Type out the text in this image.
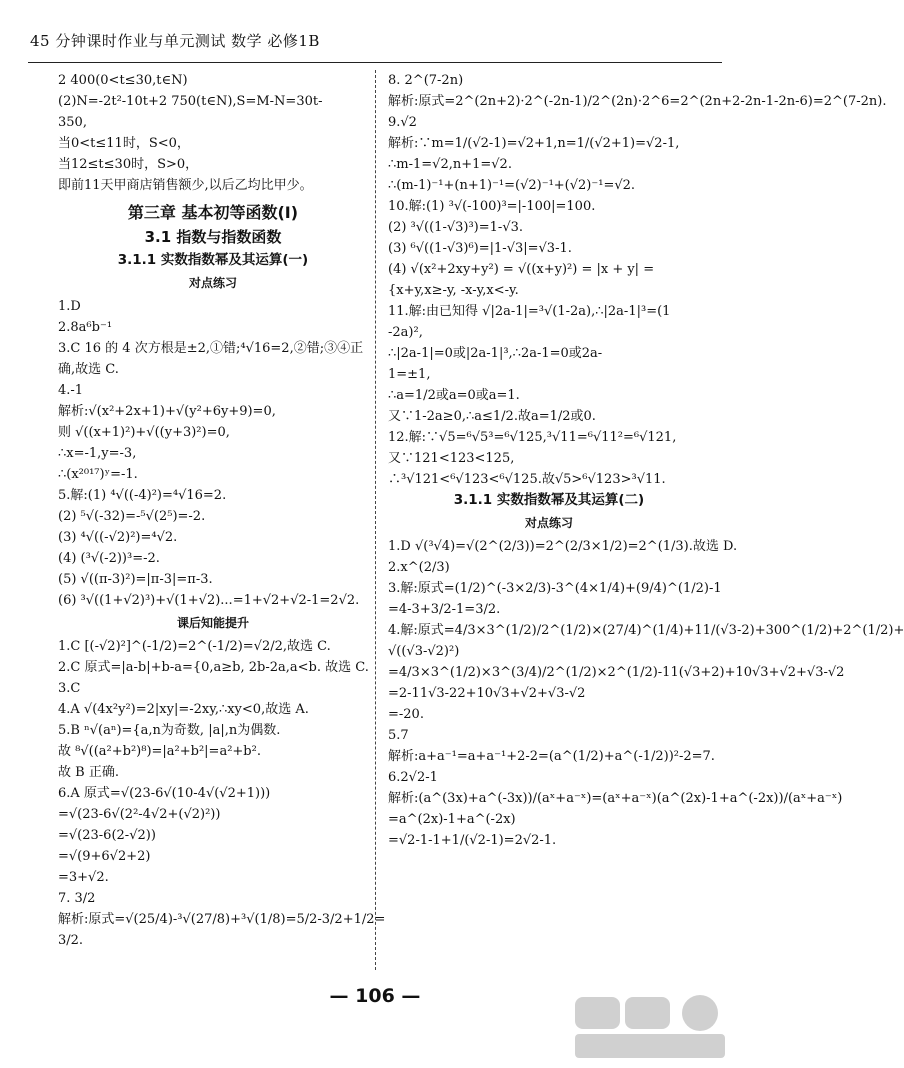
45 分钟课时作业与单元测试 数学 必修1B
2 400(0<t≤30,t∈N)
(2)N=-2t²-10t+2 750(t∈N),S=M-N=30t-
350,
当0<t≤11时，S<0，
当12≤t≤30时，S>0，
即前11天甲商店销售额少,以后乙均比甲少。
第三章 基本初等函数(Ⅰ)
3.1 指数与指数函数
3.1.1 实数指数幂及其运算(一)
对点练习
1.D
2.8a⁶b⁻¹
3.C 16 的 4 次方根是±2,①错;⁴√16=2,②错;③④正
确,故选 C.
4.-1
解析:√(x²+2x+1)+√(y²+6y+9)=0,
则 √((x+1)²)+√((y+3)²)=0,
∴x=-1,y=-3,
∴(x²⁰¹⁷)ʸ=-1.
5.解:(1) ⁴√((-4)²)=⁴√16=2.
(2) ⁵√(-32)=-⁵√(2⁵)=-2.
(3) ⁴√((-√2)²)=⁴√2.
(4) (³√(-2))³=-2.
(5) √((π-3)²)=|π-3|=π-3.
(6) ³√((1+√2)³)+√(1+√2)...=1+√2+√2-1=2√2.
课后知能提升
1.C [(-√2)²]^(-1/2)=2^(-1/2)=√2/2,故选 C.
2.C 原式=|a-b|+b-a={0,a≥b, 2b-2a,a<b. 故选 C.
3.C
4.A √(4x²y²)=2|xy|=-2xy,∴xy<0,故选 A.
5.B ⁿ√(aⁿ)={a,n为奇数, |a|,n为偶数.
故 ⁸√((a²+b²)⁸)=|a²+b²|=a²+b².
故 B 正确.
6.A 原式=√(23-6√(10-4√(√2+1)))
=√(23-6√(2²-4√2+(√2)²))
=√(23-6(2-√2))
=√(9+6√2+2)
=3+√2.
7. 3/2
解析:原式=√(25/4)-³√(27/8)+³√(1/8)=5/2-3/2+1/2=
3/2.
8. 2^(7-2n)
解析:原式=2^(2n+2)·2^(-2n-1)/2^(2n)·2^6=2^(2n+2-2n-1-2n-6)=2^(7-2n).
9.√2
解析:∵m=1/(√2-1)=√2+1,n=1/(√2+1)=√2-1,
∴m-1=√2,n+1=√2.
∴(m-1)⁻¹+(n+1)⁻¹=(√2)⁻¹+(√2)⁻¹=√2.
10.解:(1) ³√(-100)³=|-100|=100.
(2) ³√((1-√3)³)=1-√3.
(3) ⁶√((1-√3)⁶)=|1-√3|=√3-1.
(4) √(x²+2xy+y²) = √((x+y)²) = |x + y| =
{x+y,x≥-y, -x-y,x<-y.
11.解:由已知得 √|2a-1|=³√(1-2a),∴|2a-1|³=(1
-2a)²,
∴|2a-1|=0或|2a-1|³,∴2a-1=0或2a-
1=±1,
∴a=1/2或a=0或a=1.
又∵1-2a≥0,∴a≤1/2.故a=1/2或0.
12.解:∵√5=⁶√5³=⁶√125,³√11=⁶√11²=⁶√121,
又∵121<123<125,
∴³√121<⁶√123<⁶√125.故√5>⁶√123>³√11.
3.1.1 实数指数幂及其运算(二)
对点练习
1.D √(³√4)=√(2^(2/3))=2^(2/3×1/2)=2^(1/3).故选 D.
2.x^(2/3)
3.解:原式=(1/2)^(-3×2/3)-3^(4×1/4)+(9/4)^(1/2)-1
=4-3+3/2-1=3/2.
4.解:原式=4/3×3^(1/2)/2^(1/2)×(27/4)^(1/4)+11/(√3-2)+300^(1/2)+2^(1/2)+
√((√3-√2)²)
=4/3×3^(1/2)×3^(3/4)/2^(1/2)×2^(1/2)-11(√3+2)+10√3+√2+√3-√2
=2-11√3-22+10√3+√2+√3-√2
=-20.
5.7
解析:a+a⁻¹=a+a⁻¹+2-2=(a^(1/2)+a^(-1/2))²-2=7.
6.2√2-1
解析:(a^(3x)+a^(-3x))/(aˣ+a⁻ˣ)=(aˣ+a⁻ˣ)(a^(2x)-1+a^(-2x))/(aˣ+a⁻ˣ)
=a^(2x)-1+a^(-2x)
=√2-1-1+1/(√2-1)=2√2-1.
— 106 —
